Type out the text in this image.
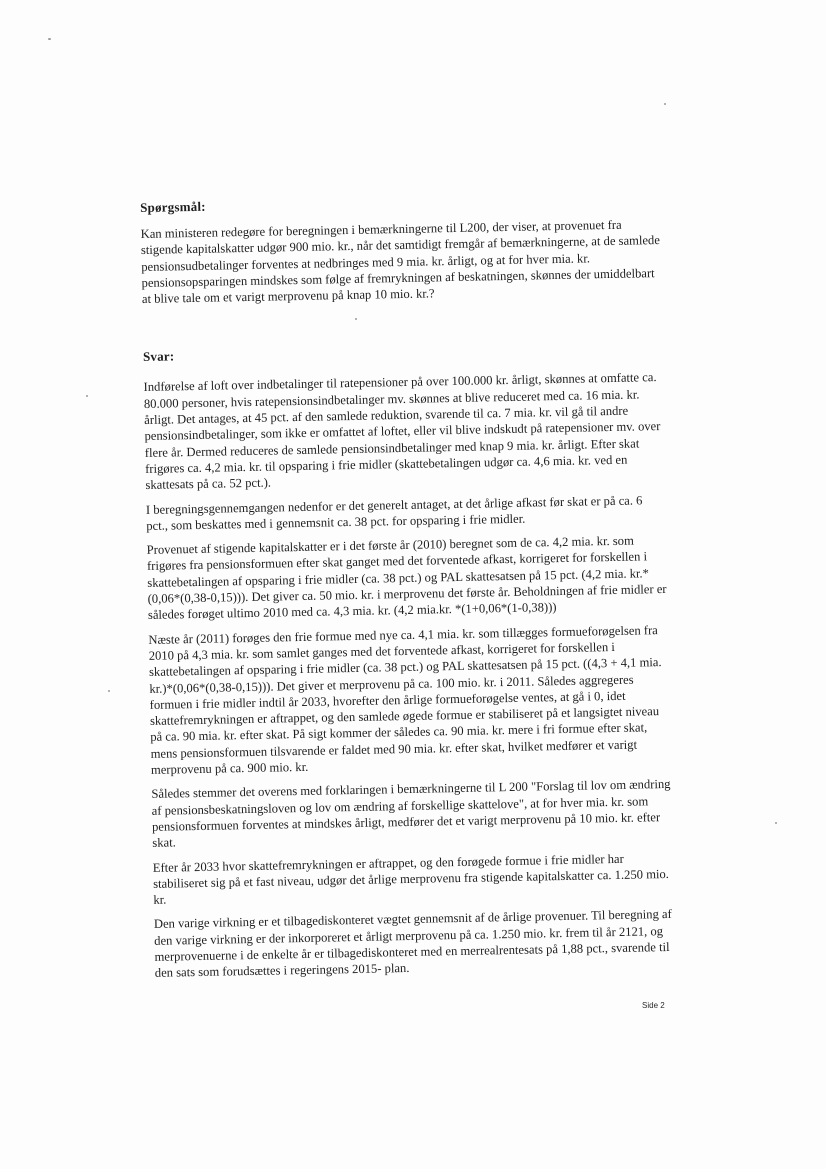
Spørgsmål:

Kan ministeren redegøre for beregningen i bemærkningerne til L200, der viser, at provenuet fra stigende kapitalskatter udgør 900 mio. kr., når det samtidigt fremgår af bemærkningerne, at de samlede pensionsudbetalinger forventes at nedbringes med 9 mia. kr. årligt, og at for hver mia. kr. pensionsopsparingen mindskes som følge af fremrykningen af beskatningen, skønnes der umiddelbart at blive tale om et varigt merprovenu på knap 10 mio. kr.?

Svar:

Indførelse af loft over indbetalinger til ratepensioner på over 100.000 kr. årligt, skønnes at omfatte ca. 80.000 personer, hvis ratepensionsindbetalinger mv. skønnes at blive reduceret med ca. 16 mia. kr. årligt. Det antages, at 45 pct. af den samlede reduktion, svarende til ca. 7 mia. kr. vil gå til andre pensionsindbetalinger, som ikke er omfattet af loftet, eller vil blive indskudt på ratepensioner mv. over flere år. Dermed reduceres de samlede pensionsindbetalinger med knap 9 mia. kr. årligt. Efter skat frigøres ca. 4,2 mia. kr. til opsparing i frie midler (skattebetalingen udgør ca. 4,6 mia. kr. ved en skattesats på ca. 52 pct.).

I beregningsgennemgangen nedenfor er det generelt antaget, at det årlige afkast før skat er på ca. 6 pct., som beskattes med i gennemsnit ca. 38 pct. for opsparing i frie midler.

Provenuet af stigende kapitalskatter er i det første år (2010) beregnet som de ca. 4,2 mia. kr. som frigøres fra pensionsformuen efter skat ganget med det forventede afkast, korrigeret for forskellen i skattebetalingen af opsparing i frie midler (ca. 38 pct.) og PAL skattesatsen på 15 pct. (4,2 mia. kr.*(0,06*(0,38-0,15))). Det giver ca. 50 mio. kr. i merprovenu det første år. Beholdningen af frie midler er således forøget ultimo 2010 med ca. 4,3 mia. kr. (4,2 mia.kr. *(1+0,06*(1-0,38)))

Næste år (2011) forøges den frie formue med nye ca. 4,1 mia. kr. som tillægges formueforøgelsen fra 2010 på 4,3 mia. kr. som samlet ganges med det forventede afkast, korrigeret for forskellen i skattebetalingen af opsparing i frie midler (ca. 38 pct.) og PAL skattesatsen på 15 pct. ((4,3 + 4,1 mia. kr.)*(0,06*(0,38-0,15))). Det giver et merprovenu på ca. 100 mio. kr. i 2011. Således aggregeres formuen i frie midler indtil år 2033, hvorefter den årlige formueforøgelse ventes, at gå i 0, idet skattefremrykningen er aftrappet, og den samlede øgede formue er stabiliseret på et langsigtet niveau på ca. 90 mia. kr. efter skat. På sigt kommer der således ca. 90 mia. kr. mere i fri formue efter skat, mens pensionsformuen tilsvarende er faldet med 90 mia. kr. efter skat, hvilket medfører et varigt merprovenu på ca. 900 mio. kr.

Således stemmer det overens med forklaringen i bemærkningerne til L 200 "Forslag til lov om ændring af pensionsbeskatningsloven og lov om ændring af forskellige skattelove", at for hver mia. kr. som pensionsformuen forventes at mindskes årligt, medfører det et varigt merprovenu på 10 mio. kr. efter skat.

Efter år 2033 hvor skattefremrykningen er aftrappet, og den forøgede formue i frie midler har stabiliseret sig på et fast niveau, udgør det årlige merprovenu fra stigende kapitalskatter ca. 1.250 mio. kr.

Den varige virkning er et tilbagediskonteret vægtet gennemsnit af de årlige provenuer. Til beregning af den varige virkning er der inkorporeret et årligt merprovenu på ca. 1.250 mio. kr. frem til år 2121, og merprovenuerne i de enkelte år er tilbagediskonteret med en merrealrentesats på 1,88 pct., svarende til den sats som forudsættes i regeringens 2015- plan.

Side 2
